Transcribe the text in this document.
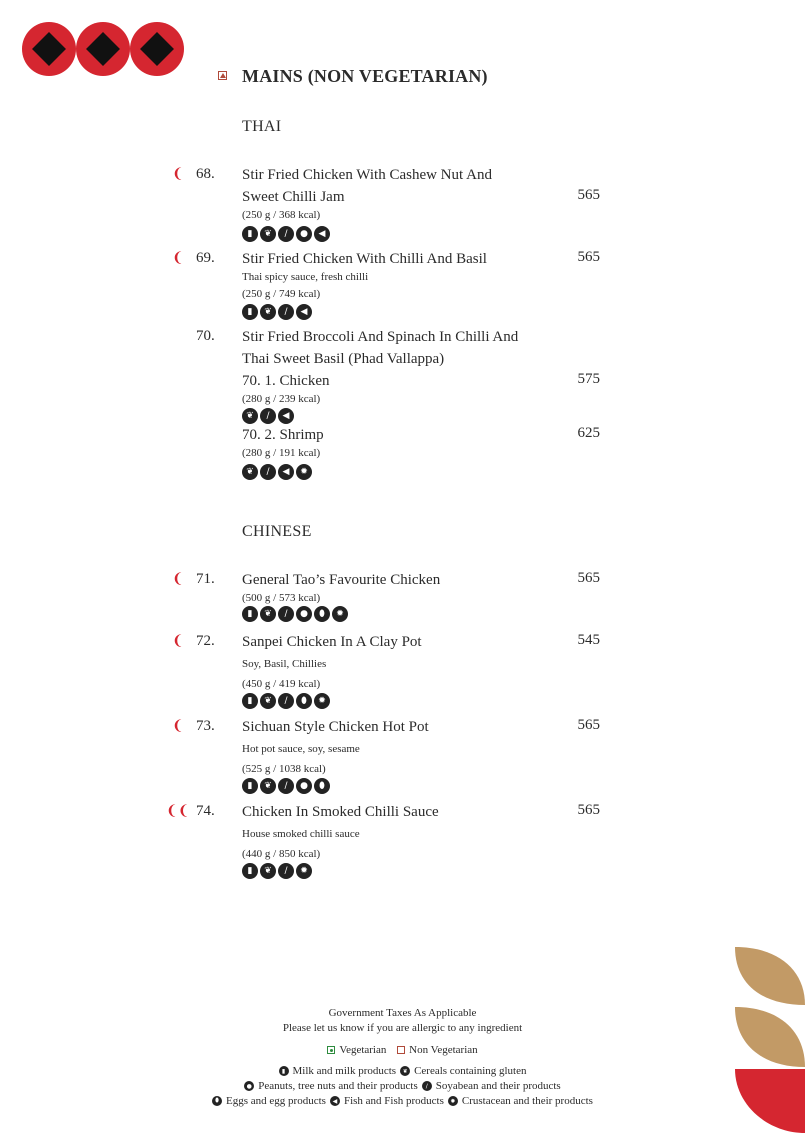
MAINS (NON VEGETARIAN)
THAI
❨ 68. Stir Fried Chicken With Cashew Nut And
Sweet Chilli Jam	565
(250 g / 368 kcal)
▮	❦	∕	●	◀
❨ 69. Stir Fried Chicken With Chilli And Basil	565
Thai spicy sauce, fresh chilli
(250 g / 749 kcal)
▮	❦	∕	◀
70. Stir Fried Broccoli And Spinach In Chilli And
Thai Sweet Basil (Phad Vallappa)
70. 1. Chicken	575
(280 g / 239 kcal)
❦	∕	◀
70. 2. Shrimp	625
(280 g / 191 kcal)
❦	∕	◀	✹
CHINESE
❨ 71. General Tao’s Favourite Chicken	565
(500 g / 573 kcal)
▮	❦	∕	●	⬮	✹
❨ 72. Sanpei Chicken In A Clay Pot	545
Soy, Basil, Chillies
(450 g / 419 kcal)
▮	❦	∕	⬮	✹
❨ 73. Sichuan Style Chicken Hot Pot	565
Hot pot sauce, soy, sesame
(525 g / 1038 kcal)
▮	❦	∕	●	⬮
❨❨ 74. Chicken In Smoked Chilli Sauce	565
House smoked chilli sauce
(440 g / 850 kcal)
▮	❦	∕	✹
Government Taxes As Applicable
Please let us know if you are allergic to any ingredient
Vegetarian
Non Vegetarian
▮ Milk and milk products	❦ Cereals containing gluten
● Peanuts, tree nuts and their products	∕ Soyabean and their products
⬮ Eggs and egg products	◀ Fish and Fish products	✹ Crustacean and their products
